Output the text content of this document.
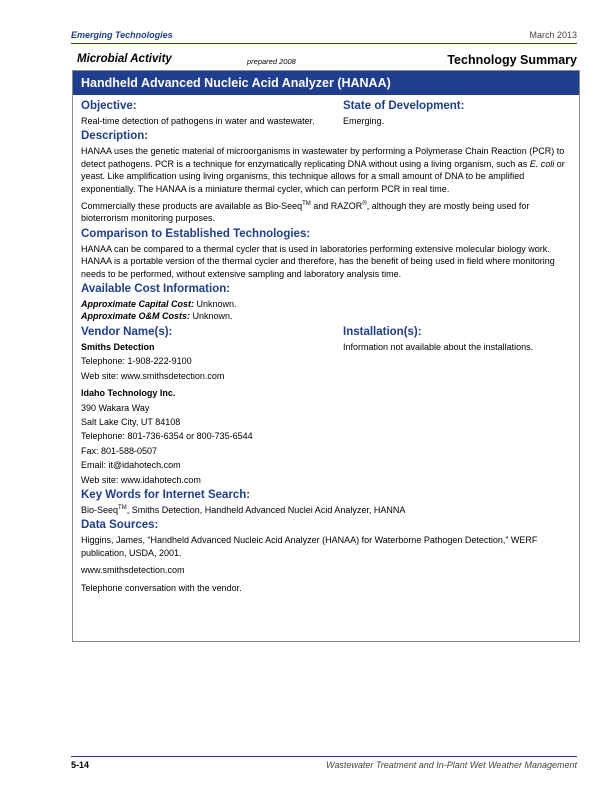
Emerging Technologies	March 2013
Microbial Activity	prepared 2008	Technology Summary
Handheld Advanced Nucleic Acid Analyzer (HANAA)

Objective:

Real-time detection of pathogens in water and wastewater.

State of Development:

Emerging.

Description:

HANAA uses the genetic material of microorganisms in wastewater by performing a Polymerase Chain Reaction (PCR) to detect pathogens. PCR is a technique for enzymatically replicating DNA without using a living organism, such as E. coli or yeast. Like amplification using living organisms, this technique allows for a small amount of DNA to be amplified exponentially. The HANAA is a miniature thermal cycler, which can perform PCR in real time.

Commercially these products are available as Bio-Seeq™ and RAZOR®, although they are mostly being used for bioterrorism monitoring purposes.

Comparison to Established Technologies:

HANAA can be compared to a thermal cycler that is used in laboratories performing extensive molecular biology work. HANAA is a portable version of the thermal cycler and therefore, has the benefit of being used in field where monitoring needs to be performed, without extensive sampling and laboratory analysis time.

Available Cost Information:

Approximate Capital Cost: Unknown.

Approximate O&M Costs: Unknown.

Vendor Name(s):

Smiths Detection

Telephone: 1-908-222-9100

Web site: www.smithsdetection.com

Idaho Technology Inc.

390 Wakara Way

Salt Lake City, UT 84108

Telephone: 801-736-6354 or 800-735-6544

Fax: 801-588-0507

Email: it@idahotech.com

Web site: www.idahotech.com

Installation(s):

Information not available about the installations.

Key Words for Internet Search:

Bio-Seeq™, Smiths Detection, Handheld Advanced Nuclei Acid Analyzer, HANNA

Data Sources:

Higgins, James, “Handheld Advanced Nucleic Acid Analyzer (HANAA) for Waterborne Pathogen Detection,” WERF publication, USDA, 2001.

www.smithsdetection.com

Telephone conversation with the vendor.

5-14	Wastewater Treatment and In-Plant Wet Weather Management
